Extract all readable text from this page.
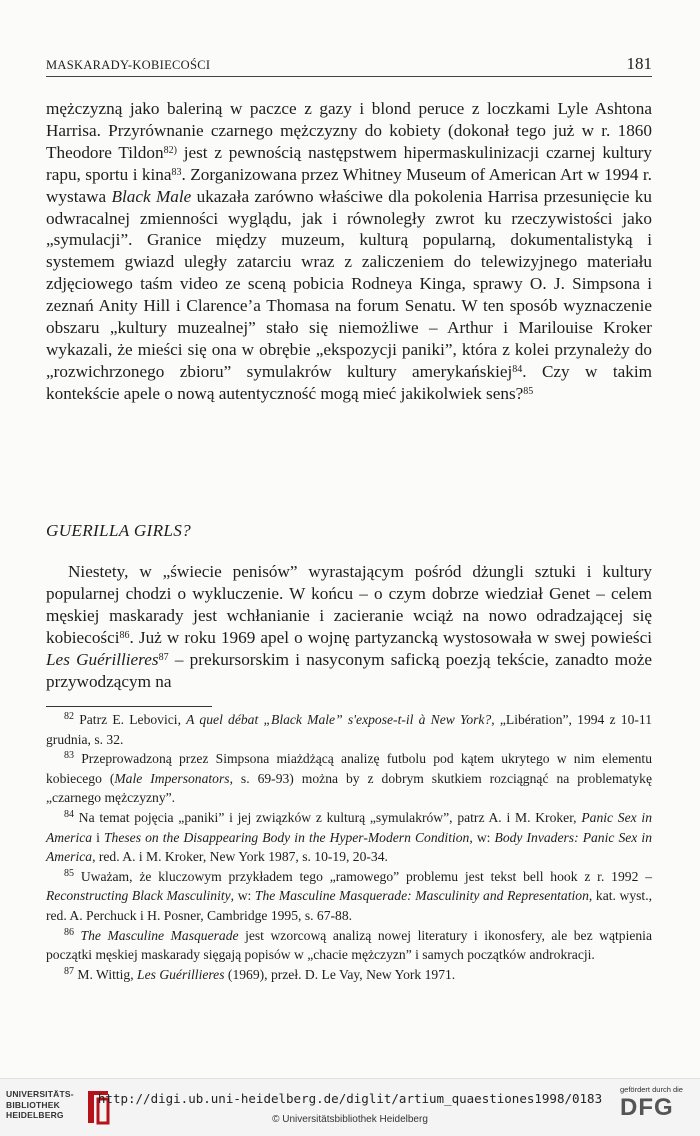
MASKARADY-KOBIECOŚCI	181

mężczyzną jako baleriną w paczce z gazy i blond peruce z loczkami Lyle Ashtona Harrisa. Przyrównanie czarnego mężczyzny do kobiety (dokonał tego już w r. 1860 Theodore Tildon$^{82)}$ jest z pewnością następstwem hipermaskulinizacji czarnej kultury rapu, sportu i kina$^{83}$. Zorganizowana przez Whitney Museum of American Art w 1994 r. wystawa Black Male ukazała zarówno właściwe dla pokolenia Harrisa przesunięcie ku odwracalnej zmienności wyglądu, jak i równoległy zwrot ku rzeczywistości jako „symulacji”. Granice między muzeum, kulturą popularną, dokumentalistyką i systemem gwiazd uległy zatarciu wraz z zaliczeniem do telewizyjnego materiału zdjęciowego taśm video ze sceną pobicia Rodneya Kinga, sprawy O. J. Simpsona i zeznań Anity Hill i Clarence’a Thomasa na forum Senatu. W ten sposób wyznaczenie obszaru „kultury muzealnej” stało się niemożliwe – Arthur i Marilouise Kroker wykazali, że mieści się ona w obrębie „ekspozycji paniki”, która z kolei przynależy do „rozwichrzonego zbioru” symulakrów kultury amerykańskiej$^{84}$. Czy w takim kontekście apele o nową autentyczność mogą mieć jakikolwiek sens?$^{85}$

GUERILLA GIRLS?

Niestety, w „świecie penisów” wyrastającym pośród dżungli sztuki i kultury popularnej chodzi o wykluczenie. W końcu – o czym dobrze wiedział Genet – celem męskiej maskarady jest wchłanianie i zacieranie wciąż na nowo odradzającej się kobiecości$^{86}$. Już w roku 1969 apel o wojnę partyzancką wystosowała w swej powieści Les Guérillieres$^{87}$ – prekursorskim i nasyconym saficką poezją tekście, zanadto może przywodzącym na

$^{82}$ Patrz E. Lebovici, A quel débat „Black Male” s'expose-t-il à New York?, „Libération”, 1994 z 10-11 grudnia, s. 32.

$^{83}$ Przeprowadzoną przez Simpsona miażdżącą analizę futbolu pod kątem ukrytego w nim elementu kobiecego (Male Impersonators, s. 69-93) można by z dobrym skutkiem rozciągnąć na problematykę „czarnego mężczyzny”.

$^{84}$ Na temat pojęcia „paniki” i jej związków z kulturą „symulakrów”, patrz A. i M. Kroker, Panic Sex in America i Theses on the Disappearing Body in the Hyper-Modern Condition, w: Body Invaders: Panic Sex in America, red. A. i M. Kroker, New York 1987, s. 10-19, 20-34.

$^{85}$ Uważam, że kluczowym przykładem tego „ramowego” problemu jest tekst bell hook z r. 1992 – Reconstructing Black Masculinity, w: The Masculine Masquerade: Masculinity and Representation, kat. wyst., red. A. Perchuck i H. Posner, Cambridge 1995, s. 67-88.

$^{86}$ The Masculine Masquerade jest wzorcową analizą nowej literatury i ikonosfery, ale bez wątpienia początki męskiej maskarady sięgają popisów w „chacie mężczyzn” i samych początków androkracji.

$^{87}$ M. Wittig, Les Guérillieres (1969), przeł. D. Le Vay, New York 1971.

UNIVERSITÄTS-
BIBLIOTHEK
HEIDELBERG
http://digi.ub.uni-heidelberg.de/diglit/artium_quaestiones1998/0183
© Universitätsbibliothek Heidelberg
gefördert durch die
DFG
